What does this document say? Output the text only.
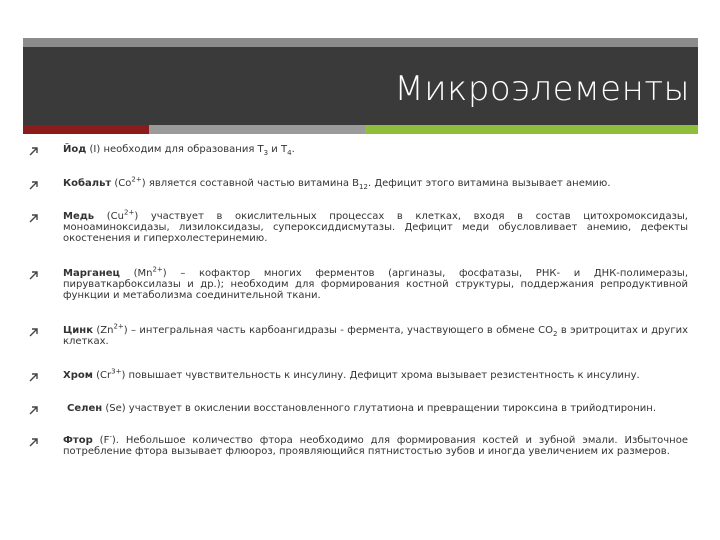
Микроэлементы
Йод (I) необходим для образования $T_3$ и $T_4$.
Кобальт $(Co^{2+})$ является составной частью витамина $B_{12}$. Дефицит этого витамина вызывает анемию.
Медь $(Cu^{2+})$ участвует в окислительных процессах в клетках, входя в состав цитохромоксидазы, моноаминоксидазы, лизилоксидазы, супероксиддисмутазы. Дефицит меди обусловливает анемию, дефекты окостенения и гиперхолестеринемию.
Марганец $(Mn^{2+})$ – кофактор многих ферментов (аргиназы, фосфатазы, РНК- и ДНК-полимеразы, пируваткарбоксилазы и др.); необходим для формирования костной структуры, поддержания репродуктивной функции и метаболизма соединительной ткани.
Цинк $(Zn^{2+})$ – интегральная часть карбоангидразы - фермента, участвующего в обмене $CO_2$ в эритроцитах и других клетках.
Хром $(Cr^{3+})$ повышает чувствительность к инсулину. Дефицит хрома вызывает резистентность к инсулину.
Селен (Se) участвует в окислении восстановленного глутатиона и превращении тироксина в трийодтиронин.
Фтор (F-). Небольшое количество фтора необходимо для формирования костей и зубной эмали. Избыточное потребление фтора вызывает флюороз, проявляющийся пятнистостью зубов и иногда увеличением их размеров.
